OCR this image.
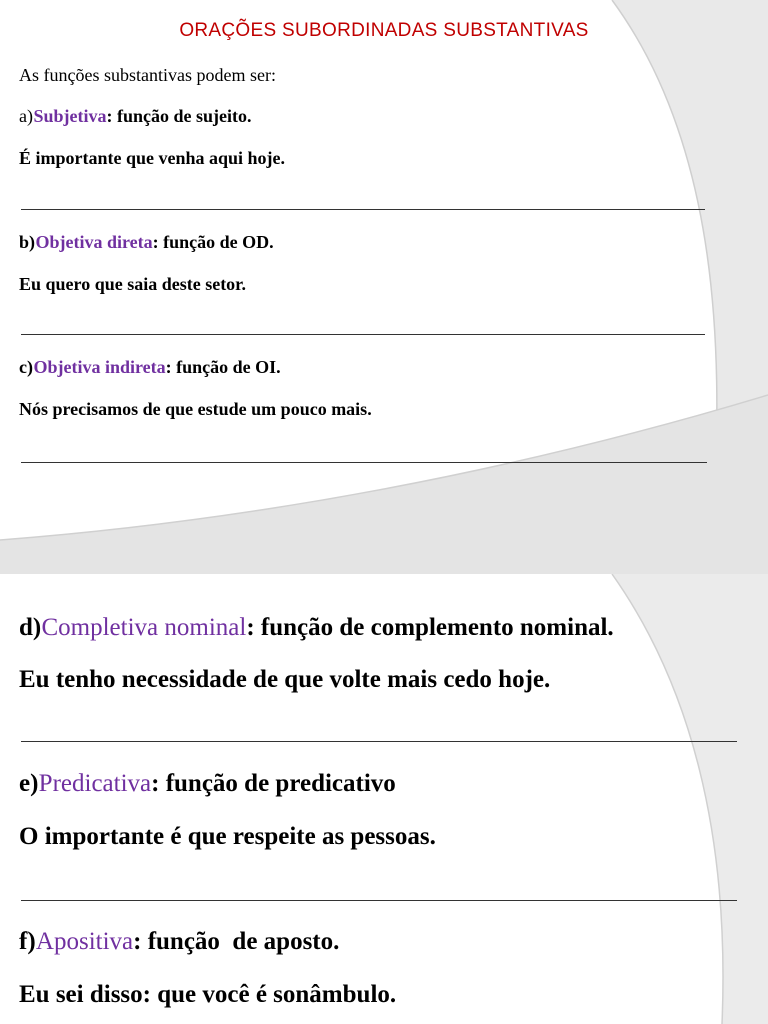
ORAÇÕES SUBORDINADAS SUBSTANTIVAS
As funções substantivas podem ser:
a) Subjetiva: função de sujeito.
É importante que venha aqui hoje.
b) Objetiva direta: função de OD.
Eu quero que saia deste setor.
c) Objetiva indireta: função de OI.
Nós precisamos de que estude um pouco mais.
d) Completiva nominal: função de complemento nominal.
Eu tenho necessidade de que volte mais cedo hoje.
e) Predicativa: função de predicativo
O importante é que respeite as pessoas.
f) Apositiva: função  de aposto.
Eu sei disso: que você é sonâmbulo.
